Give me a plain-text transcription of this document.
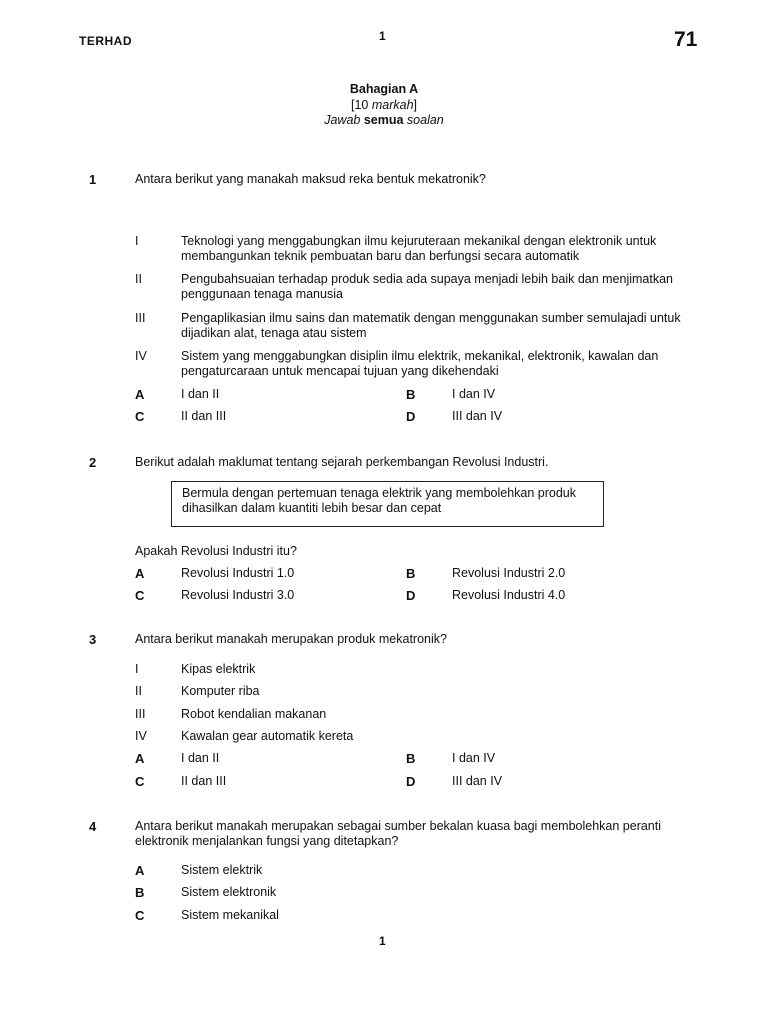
TERHAD	1	71
Bahagian A
[10 markah]
Jawab semua soalan
1	Antara berikut yang manakah maksud reka bentuk mekatronik?
I	Teknologi yang menggabungkan ilmu kejuruteraan mekanikal dengan elektronik untuk membangunkan teknik pembuatan baru dan berfungsi secara automatik
II	Pengubahsuaian terhadap produk sedia ada supaya menjadi lebih baik dan menjimatkan penggunaan tenaga manusia
III	Pengaplikasian ilmu sains dan matematik dengan menggunakan sumber semulajadi untuk dijadikan alat, tenaga atau sistem
IV	Sistem yang menggabungkan disiplin ilmu elektrik, mekanikal, elektronik, kawalan dan pengaturcaraan untuk mencapai tujuan yang dikehendaki
A	I dan II	B	I dan IV
C	II dan III	D	III dan IV
2	Berikut adalah maklumat tentang sejarah perkembangan Revolusi Industri.
Bermula dengan pertemuan tenaga elektrik yang membolehkan produk dihasilkan dalam kuantiti lebih besar dan cepat
Apakah Revolusi Industri itu?
A	Revolusi Industri 1.0	B	Revolusi Industri 2.0
C	Revolusi Industri 3.0	D	Revolusi Industri 4.0
3	Antara berikut manakah merupakan produk mekatronik?
I	Kipas elektrik
II	Komputer riba
III	Robot kendalian makanan
IV	Kawalan gear automatik kereta
A	I dan II	B	I dan IV
C	II dan III	D	III dan IV
4	Antara berikut manakah merupakan sebagai sumber bekalan kuasa bagi membolehkan peranti elektronik menjalankan fungsi yang ditetapkan?
A	Sistem elektrik
B	Sistem elektronik
C	Sistem mekanikal
1
